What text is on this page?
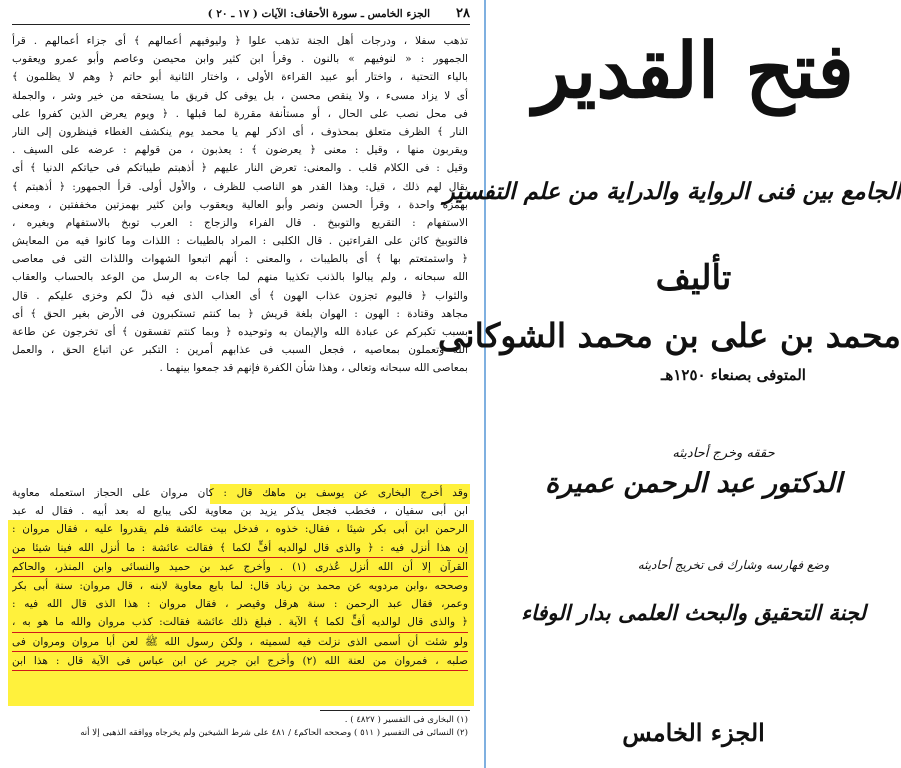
٢٨
الجزء الخامس ـ سورة الأحقاف: الآيات ( ١٧ ـ ٢٠ )
تذهب سفلا ، ودرجات أهل الجنة تذهب علوا ﴿ وليوفيهم أعمالهم ﴾ أى جزاء أعمالهم . قرأ
الجمهور : « لنوفيهم » بالنون . وقرأ ابن كثير وابن محيصن وعاصم وأبو عمرو ويعقوب
بالياء التحتية ، واختار أبو عبيد القراءة الأولى ، واختار الثانية أبو حاتم ﴿ وهم لا يظلمون ﴾
أى لا يزاد مسىء ، ولا ينقص محسن ، بل يوفى كل فريق ما يستحقه من خير وشر ، والجملة
فى محل نصب على الحال ، أو مستأنفة مقررة لما قبلها . ﴿ ويوم يعرض الذين كفروا على
النار ﴾ الظرف متعلق بمحذوف ، أى اذكر لهم يا محمد يوم ينكشف الغطاء فينظرون إلى النار
ويقربون منها ، وقيل : معنى ﴿ يعرضون ﴾ : يعذبون ، من قولهم : عرضه على السيف .
وقيل : فى الكلام قلب . والمعنى: تعرض النار عليهم ﴿ أذهبتم طيباتكم فى حياتكم الدنيا ﴾ أى
يقال لهم ذلك ، قيل: وهذا القدر هو الناصب للظرف ، والأول أولى. قرأ الجمهور: ﴿ أذهبتم ﴾
بهمزة واحدة ، وقرأ الحسن ونصر وأبو العالية ويعقوب وابن كثير بهمزتين مخففتين ، ومعنى
الاستفهام : التقريع والتوبيخ . قال الفراء والزجاج : العرب توبخ بالاستفهام وبغيره ،
فالتوبيخ كائن على القراءتين . قال الكلبى : المراد بالطيبات : اللذات وما كانوا فيه من المعايش
﴿ واستمتعتم بها ﴾ أى بالطيبات ، والمعنى : أنهم اتبعوا الشهوات واللذات التى فى معاصى
الله سبحانه ، ولم يبالوا بالذنب تكذيبا منهم لما جاءت به الرسل من الوعد بالحساب والعقاب
والثواب ﴿ فاليوم تجزون عذاب الهون ﴾ أى العذاب الذى فيه ذلّ لكم وخزى عليكم . قال
مجاهد وقتادة : الهون : الهوان بلغة قريش ﴿ بما كنتم تستكبرون فى الأرض بغير الحق ﴾ أى
بسبب تكبركم عن عبادة الله والإيمان به وتوحيده ﴿ وبما كنتم تفسقون ﴾ أى تخرجون عن طاعة
الله وتعملون بمعاصيه ، فجعل السبب فى عذابهم أمرين : التكبر عن اتباع الحق ، والعمل
بمعاصى الله سبحانه وتعالى ، وهذا شأن الكفرة فإنهم قد جمعوا بينهما .
وقد أخرج البخارى عن يوسف بن ماهك قال : كان مروان على الحجاز استعمله معاوية
ابن أبى سفيان ، فخطب فجعل يذكر يزيد بن معاوية لكى يبايع له بعد أبيه . فقال له عبد
الرحمن ابن أبى بكر شيئا ، فقال: خذوه ، فدخل بيت عائشة فلم يقدروا عليه ، فقال مروان :
إن هذا أنزل فيه : ﴿ والذى قال لوالديه أفٍّ لكما ﴾ فقالت عائشة : ما أنزل الله فينا شيئا من
القرآن إلا أن الله أنزل عُذرى (١) . وأخرج عبد بن حميد والنسائى وابن المنذر، والحاكم
وصححه ،وابن مردويه عن محمد بن زياد قال: لما بايع معاوية لابنه ، قال مروان: سنة أبى بكر
وعمر، فقال عبد الرحمن : سنة هرقل وقيصر ، فقال مروان : هذا الذى قال الله فيه :
﴿ والذى قال لوالديه أفٍّ لكما ﴾ الآية . فبلغ ذلك عائشة فقالت: كذب مروان والله ما هو به ،
ولو شئت أن أسمى الذى نزلت فيه لسميته ، ولكن رسول الله ﷺ لعن أبا مروان ومروان فى
صلبه ، فمروان من لعنة الله (٢) وأخرج ابن جرير عن ابن عباس فى الآية قال : هذا ابن
(١) البخارى فى التفسير ( ٤٨٢٧ ) .
(٢) النسائى فى التفسير ( ٥١١ ) وصححه الحاكم٤ / ٤٨١ على شرط الشيخين ولم يخرجاه ووافقه الذهبى إلا أنه
فتح القدير
الجامع بين فنى الرواية والدراية من علم التفسير
تأليف
محمد بن على بن محمد الشوكانى
المتوفى بصنعاء ١٢٥٠هـ
حققه وخرج أحاديثه
الدكتور عبد الرحمن عميرة
وضع فهارسه وشارك فى تخريج أحاديثه
لجنة التحقيق والبحث العلمى بدار الوفاء
الجزء الخامس
